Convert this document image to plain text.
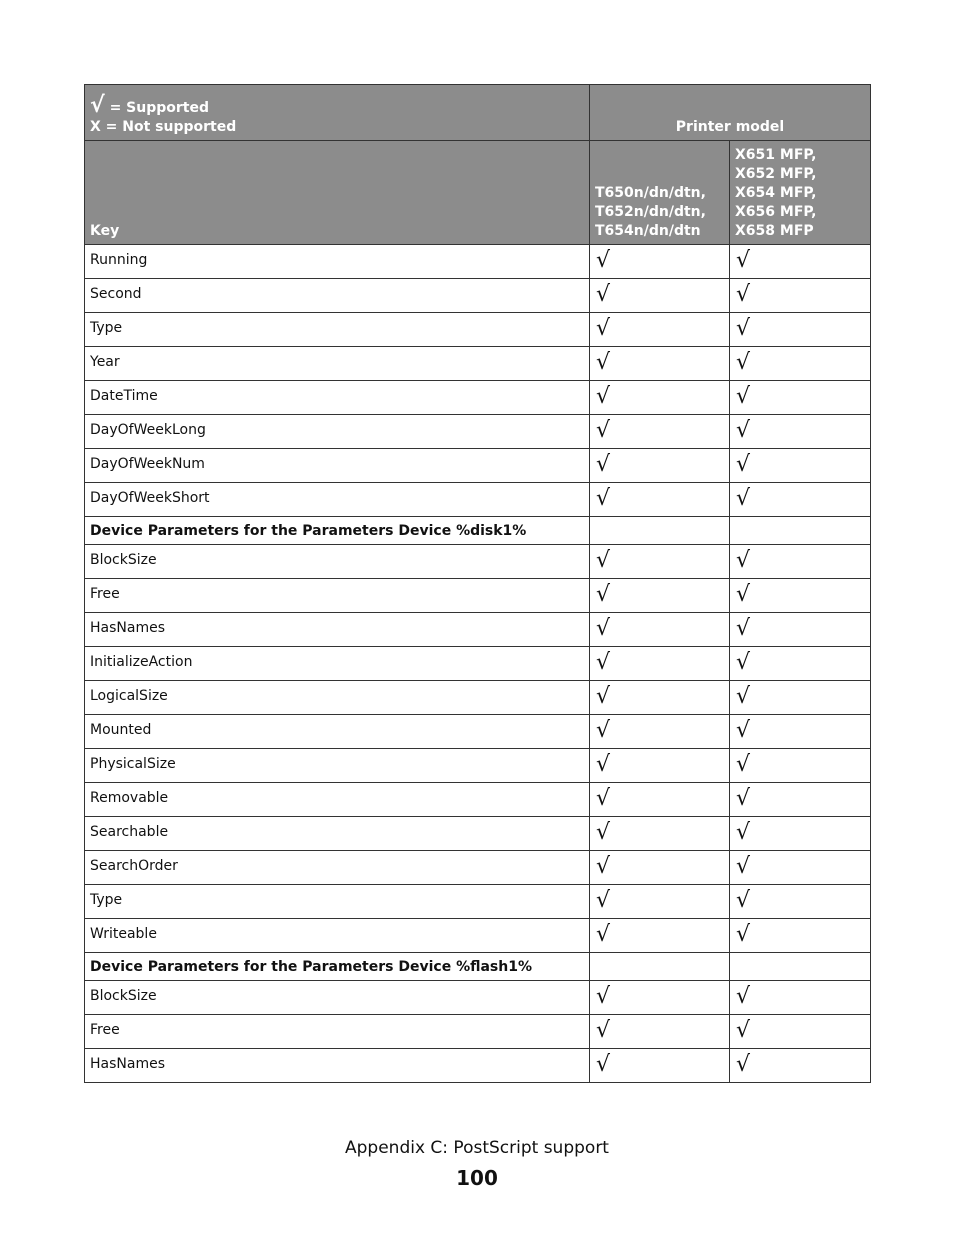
√ = Supported
X = Not supported	Printer model	
Key	T650n/dn/dtn,
T652n/dn/dtn,
T654n/dn/dtn	X651 MFP,
X652 MFP,
X654 MFP,
X656 MFP,
X658 MFP

Running	√	√
Second	√	√
Type	√	√
Year	√	√
DateTime	√	√
DayOfWeekLong	√	√
DayOfWeekNum	√	√
DayOfWeekShort	√	√
Device Parameters for the Parameters Device %disk1%		
BlockSize	√	√
Free	√	√
HasNames	√	√
InitializeAction	√	√
LogicalSize	√	√
Mounted	√	√
PhysicalSize	√	√
Removable	√	√
Searchable	√	√
SearchOrder	√	√
Type	√	√
Writeable	√	√
Device Parameters for the Parameters Device %flash1%		
BlockSize	√	√
Free	√	√
HasNames	√	√
Appendix C: PostScript support
100
